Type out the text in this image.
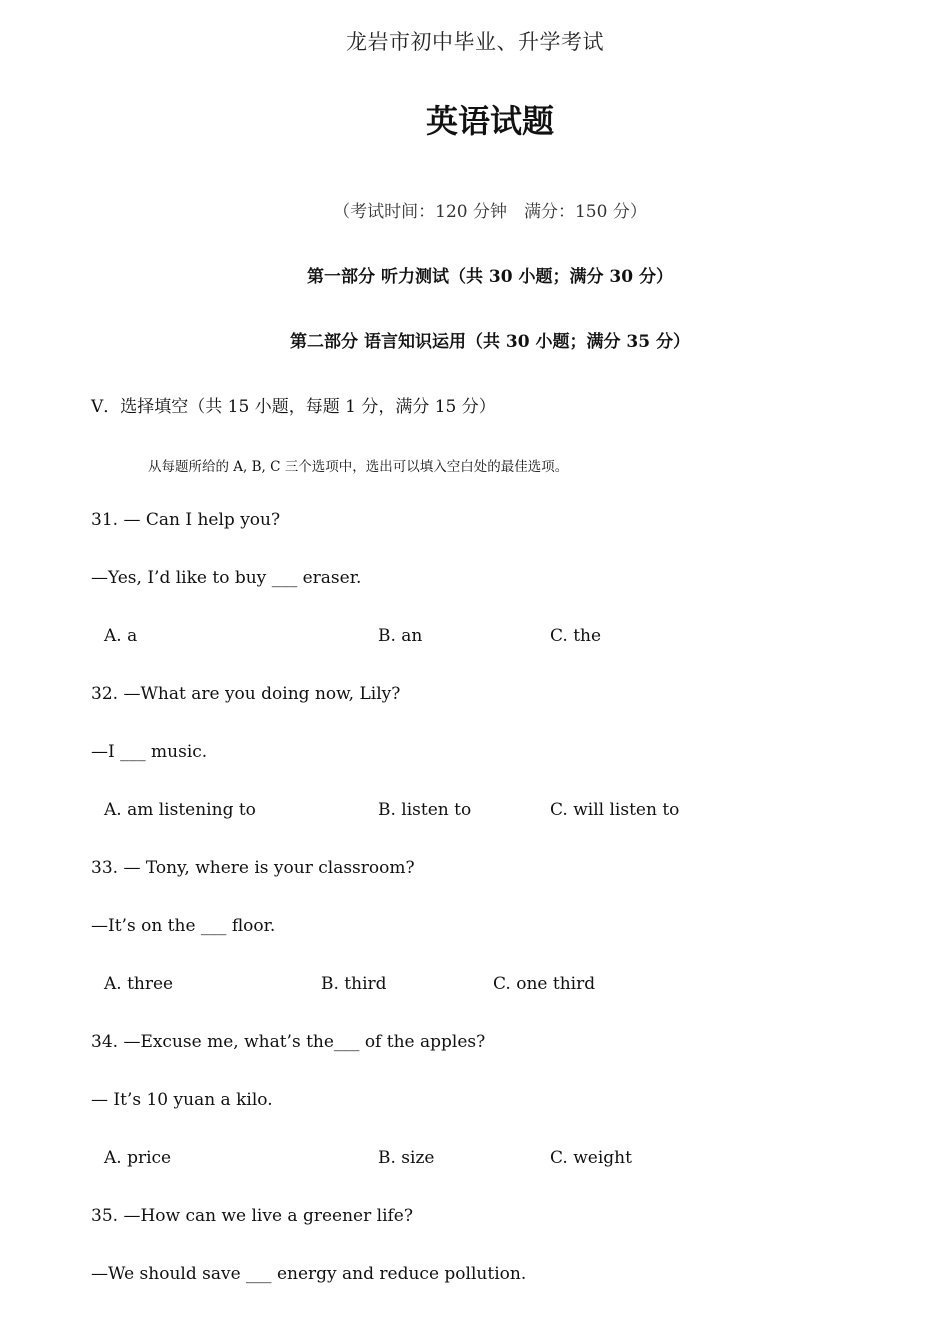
龙岩市初中毕业、升学考试
英语试题
（考试时间：120 分钟　满分：150 分）
第一部分 听力测试（共 30 小题；满分 30 分）
第二部分 语言知识运用（共 30 小题；满分 35 分）
V．选择填空（共 15 小题，每题 1 分，满分 15 分）
从每题所给的 A, B, C 三个选项中，选出可以填入空白处的最佳选项。
31. — Can I help you?
—Yes, I’d like to buy ___ eraser.
A. a	B. an	C. the
32. —What are you doing now, Lily?
—I ___ music.
A. am listening to	B. listen to	C. will listen to
33. — Tony, where is your classroom?
—It’s on the ___ floor.
A. three	B. third	C. one third
34. —Excuse me, what’s the___ of the apples?
— It’s 10 yuan a kilo.
A. price	B. size	C. weight
35. —How can we live a greener life?
—We should save ___ energy and reduce pollution.
